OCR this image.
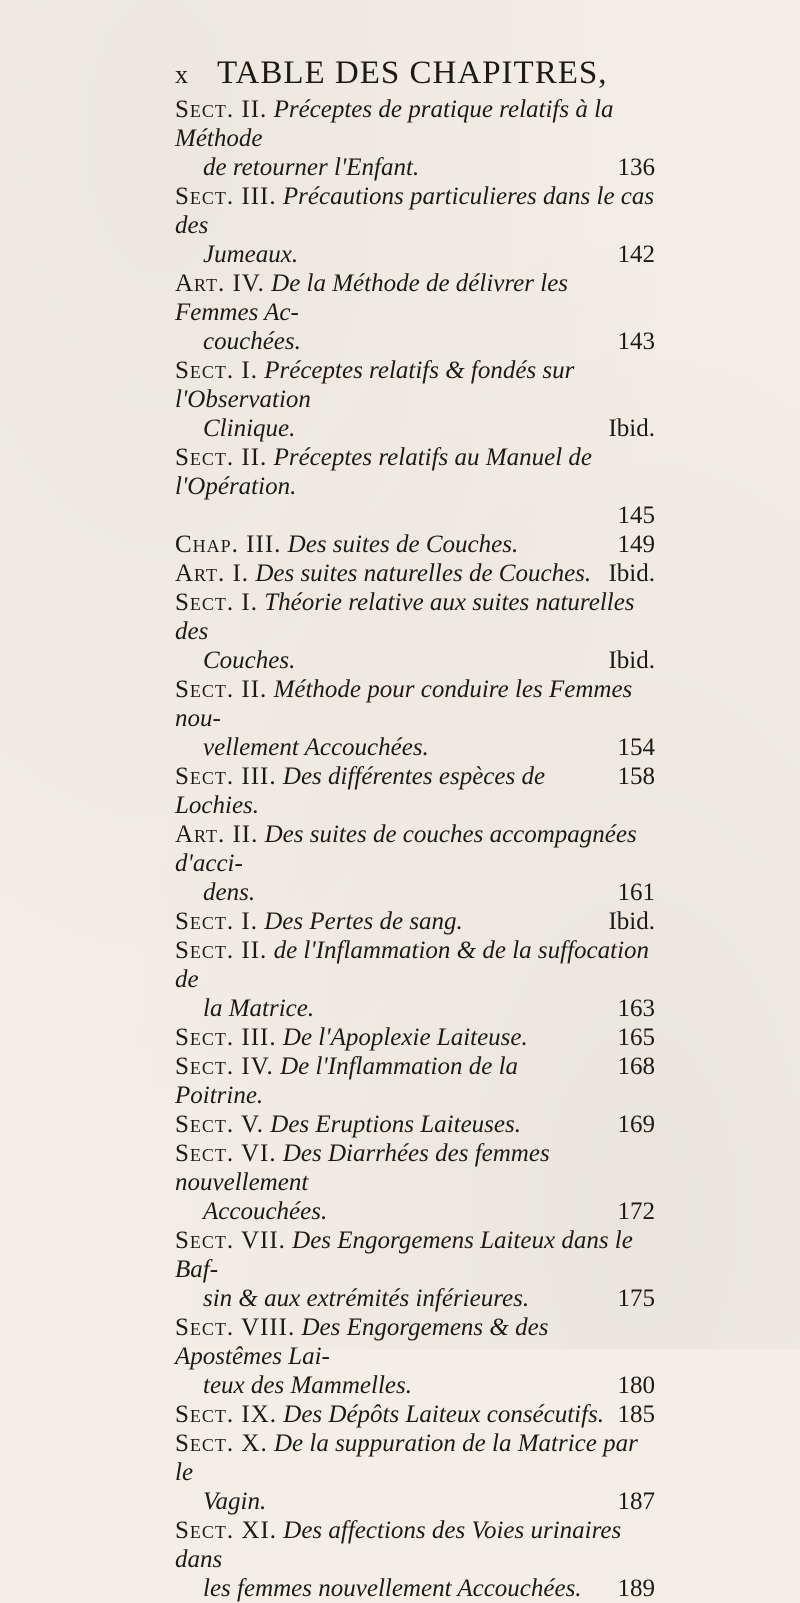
x TABLE DES CHAPITRES,
Sect. II. Préceptes de pratique relatifs à la Méthode
de retourner l'Enfant.	136
Sect. III. Précautions particulieres dans le cas des
Jumeaux.	142
Art. IV. De la Méthode de délivrer les Femmes Ac-
couchées.	143
Sect. I. Préceptes relatifs & fondés sur l'Observation
Clinique.	Ibid.
Sect. II. Préceptes relatifs au Manuel de l'Opération.
145
Chap. III. Des suites de Couches.	149
Art. I. Des suites naturelles de Couches. Ibid.
Sect. I. Théorie relative aux suites naturelles des
Couches.	Ibid.
Sect. II. Méthode pour conduire les Femmes nou-
vellement Accouchées.	154
Sect. III. Des différentes espèces de Lochies.
158
Art. II. Des suites de couches accompagnées d'acci-
dens.	161
Sect. I. Des Pertes de sang.	Ibid.
Sect. II. de l'Inflammation & de la suffocation de
la Matrice.	163
Sect. III. De l'Apoplexie Laiteuse.	165
Sect. IV. De l'Inflammation de la Poitrine.
168
Sect. V. Des Eruptions Laiteuses.	169
Sect. VI. Des Diarrhées des femmes nouvellement
Accouchées.	172
Sect. VII. Des Engorgemens Laiteux dans le Baf-
sin & aux extrémités inférieures.	175
Sect. VIII. Des Engorgemens & des Apostêmes Lai-
teux des Mammelles.	180
Sect. IX. Des Dépôts Laiteux consécutifs. 185
Sect. X. De la suppuration de la Matrice par le
Vagin.	187
Sect. XI. Des affections des Voies urinaires dans
les femmes nouvellement Accouchées.	189
